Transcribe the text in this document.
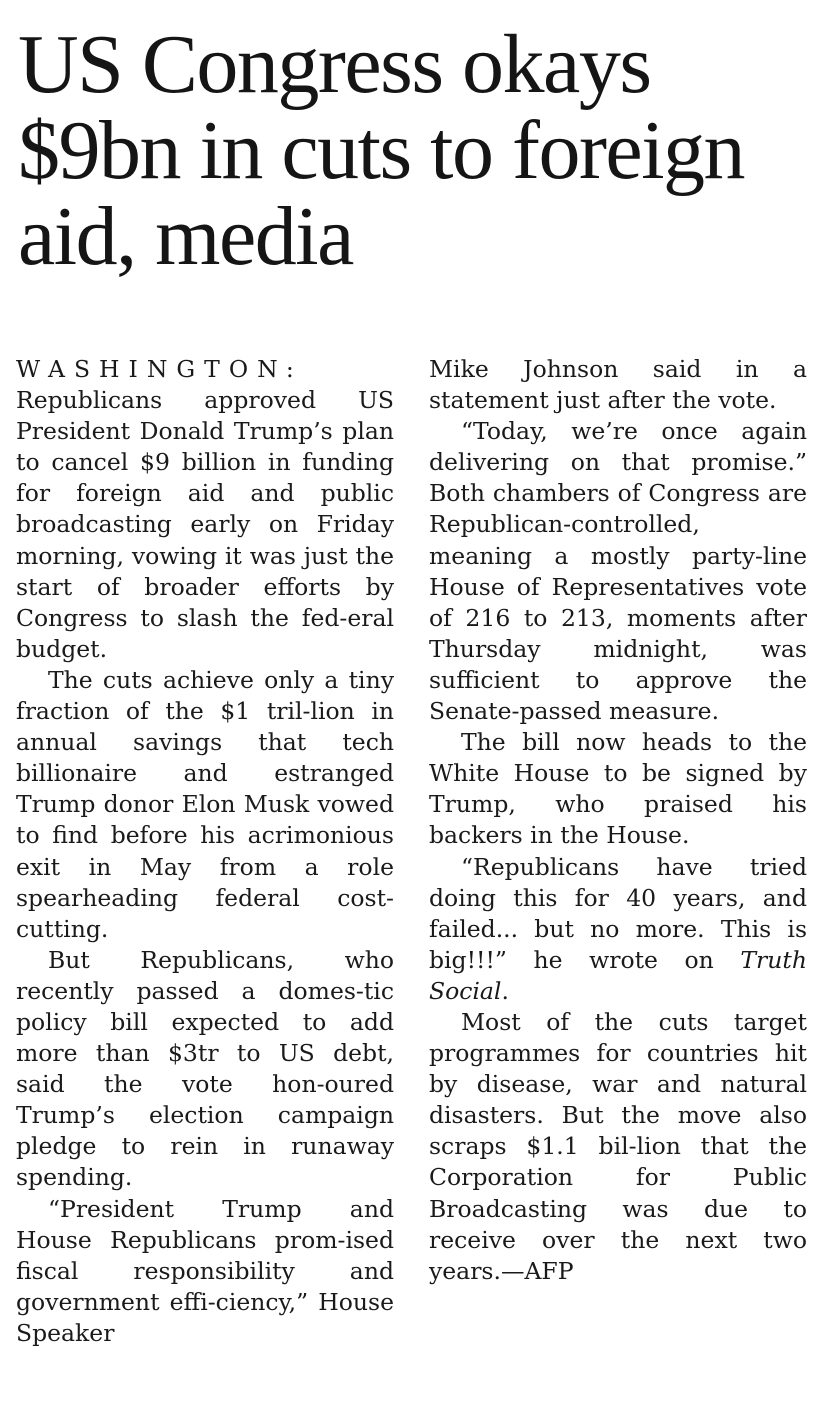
US Congress okays $9bn in cuts to foreign aid, media

WASHINGTON: Republicans approved US President Donald Trump’s plan to cancel $9 billion in funding for foreign aid and public broadcasting early on Friday morning, vowing it was just the start of broader efforts by Congress to slash the fed-eral budget.

The cuts achieve only a tiny fraction of the $1 tril-lion in annual savings that tech billionaire and estranged Trump donor Elon Musk vowed to find before his acrimonious exit in May from a role spearheading federal cost-cutting.

But Republicans, who recently passed a domes-tic policy bill expected to add more than $3tr to US debt, said the vote hon-oured Trump’s election campaign pledge to rein in runaway spending.

“President Trump and House Republicans prom-ised fiscal responsibility and government effi-ciency,” House Speaker

Mike Johnson said in a statement just after the vote.

“Today, we’re once again delivering on that promise.” Both chambers of Congress are Republican-controlled, meaning a mostly party-line House of Representatives vote of 216 to 213, moments after Thursday midnight, was sufficient to approve the Senate-passed measure.

The bill now heads to the White House to be signed by Trump, who praised his backers in the House.

“Republicans have tried doing this for 40 years, and failed... but no more. This is big!!!” he wrote on Truth Social.

Most of the cuts target programmes for countries hit by disease, war and natural disasters. But the move also scraps $1.1 bil-lion that the Corporation for Public Broadcasting was due to receive over the next two years.—AFP
